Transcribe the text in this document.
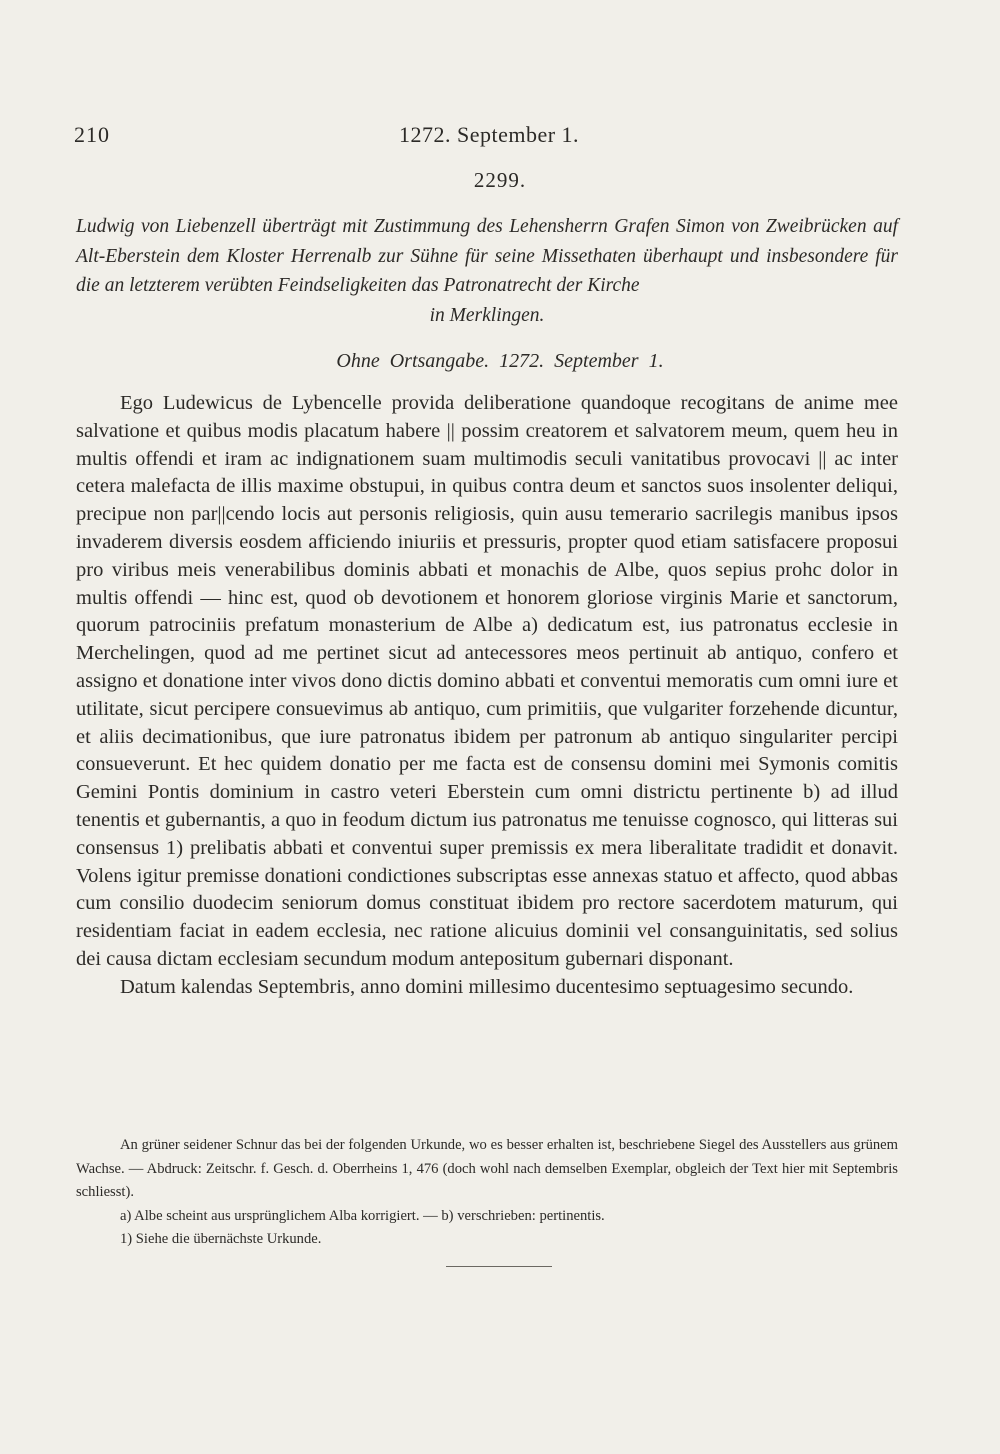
210	1272. September 1.
2299.
Ludwig von Liebenzell überträgt mit Zustimmung des Lehensherrn Grafen Simon von Zweibrücken auf Alt-Eberstein dem Kloster Herrenalb zur Sühne für seine Missethaten überhaupt und insbesondere für die an letzterem verübten Feindseligkeiten das Patronatrecht der Kirche
in Merklingen.
Ohne Ortsangabe. 1272. September 1.

Ego Ludewicus de Lybencelle provida deliberatione quandoque recogitans de anime mee salvatione et quibus modis placatum habere || possim creatorem et salvatorem meum, quem heu in multis offendi et iram ac indignationem suam multimodis seculi vanitatibus provocavi || ac inter cetera malefacta de illis maxime obstupui, in quibus contra deum et sanctos suos insolenter deliqui, precipue non par||cendo locis aut personis religiosis, quin ausu temerario sacrilegis manibus ipsos invaderem diversis eosdem afficiendo iniuriis et pressuris, propter quod etiam satisfacere proposui pro viribus meis venerabilibus dominis abbati et monachis de Albe, quos sepius prohc dolor in multis offendi — hinc est, quod ob devotionem et honorem gloriose virginis Marie et sanctorum, quorum patrociniis prefatum monasterium de Albe a) dedicatum est, ius patronatus ecclesie in Merchelingen, quod ad me pertinet sicut ad antecessores meos pertinuit ab antiquo, confero et assigno et donatione inter vivos dono dictis domino abbati et conventui memoratis cum omni iure et utilitate, sicut percipere consuevimus ab antiquo, cum primitiis, que vulgariter forzehende dicuntur, et aliis decimationibus, que iure patronatus ibidem per patronum ab antiquo singulariter percipi consueverunt. Et hec quidem donatio per me facta est de consensu domini mei Symonis comitis Gemini Pontis dominium in castro veteri Eberstein cum omni districtu pertinente b) ad illud tenentis et gubernantis, a quo in feodum dictum ius patronatus me tenuisse cognosco, qui litteras sui consensus 1) prelibatis abbati et conventui super premissis ex mera liberalitate tradidit et donavit. Volens igitur premisse donationi condictiones subscriptas esse annexas statuo et affecto, quod abbas cum consilio duodecim seniorum domus constituat ibidem pro rectore sacerdotem maturum, qui residentiam faciat in eadem ecclesia, nec ratione alicuius dominii vel consanguinitatis, sed solius dei causa dictam ecclesiam secundum modum antepositum gubernari disponant.

Datum kalendas Septembris, anno domini millesimo ducentesimo septuagesimo secundo.

An grüner seidener Schnur das bei der folgenden Urkunde, wo es besser erhalten ist, beschriebene Siegel des Ausstellers aus grünem Wachse. — Abdruck: Zeitschr. f. Gesch. d. Oberrheins 1, 476 (doch wohl nach demselben Exemplar, obgleich der Text hier mit Septembris schliesst).

a) Albe scheint aus ursprünglichem Alba korrigiert. — b) verschrieben: pertinentis.

1) Siehe die übernächste Urkunde.
